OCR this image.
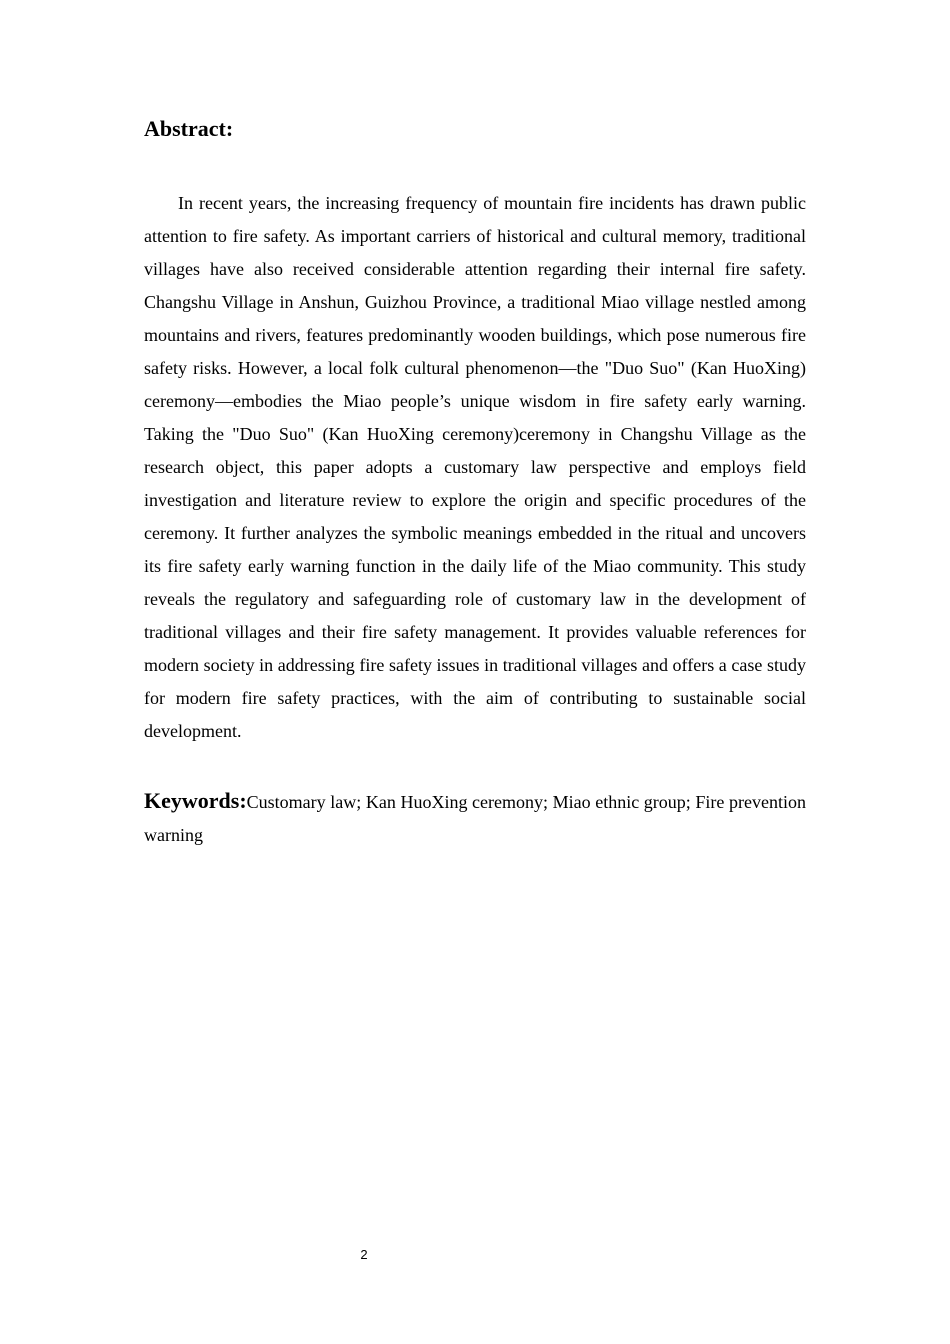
Abstract:

In recent years, the increasing frequency of mountain fire incidents has drawn public attention to fire safety. As important carriers of historical and cultural memory, traditional villages have also received considerable attention regarding their internal fire safety. Changshu Village in Anshun, Guizhou Province, a traditional Miao village nestled among mountains and rivers, features predominantly wooden buildings, which pose numerous fire safety risks. However, a local folk cultural phenomenon—the "Duo Suo" (Kan HuoXing) ceremony—embodies the Miao people’s unique wisdom in fire safety early warning. Taking the "Duo Suo" (Kan HuoXing ceremony)ceremony in Changshu Village as the research object, this paper adopts a customary law perspective and employs field investigation and literature review to explore the origin and specific procedures of the ceremony. It further analyzes the symbolic meanings embedded in the ritual and uncovers its fire safety early warning function in the daily life of the Miao community. This study reveals the regulatory and safeguarding role of customary law in the development of traditional villages and their fire safety management. It provides valuable references for modern society in addressing fire safety issues in traditional villages and offers a case study for modern fire safety practices, with the aim of contributing to sustainable social development.

Keywords:Customary law; Kan HuoXing ceremony; Miao ethnic group; Fire prevention warning

2
